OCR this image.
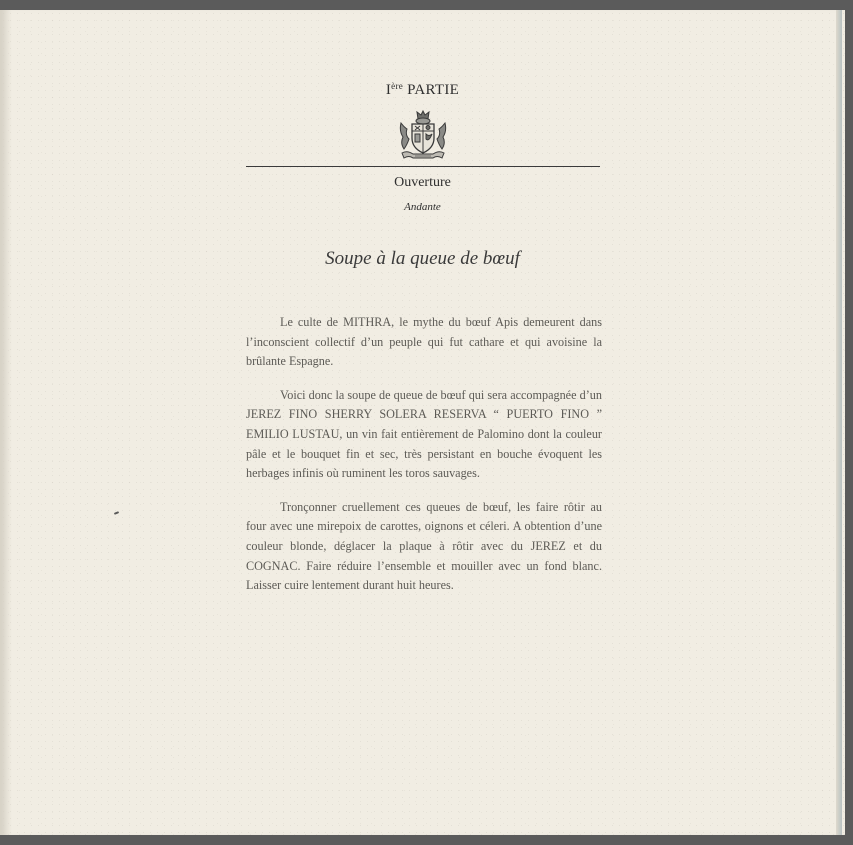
Ière PARTIE
Ouverture
Andante
Soupe à la queue de bœuf

Le culte de MITHRA, le mythe du bœuf Apis demeurent dans l’inconscient collectif d’un peuple qui fut cathare et qui avoisine la brûlante Espagne.

Voici donc la soupe de queue de bœuf qui sera accompagnée d’un JEREZ FINO SHERRY SOLERA RESERVA “ PUERTO FINO ” EMILIO LUSTAU, un vin fait entièrement de Palomino dont la couleur pâle et le bouquet fin et sec, très persistant en bouche évoquent les herbages infinis où ruminent les toros sauvages.

Tronçonner cruellement ces queues de bœuf, les faire rôtir au four avec une mirepoix de carottes, oignons et céleri. A obtention d’une couleur blonde, déglacer la plaque à rôtir avec du JEREZ et du COGNAC. Faire réduire l’ensemble et mouiller avec un fond blanc. Laisser cuire lentement durant huit heures.
